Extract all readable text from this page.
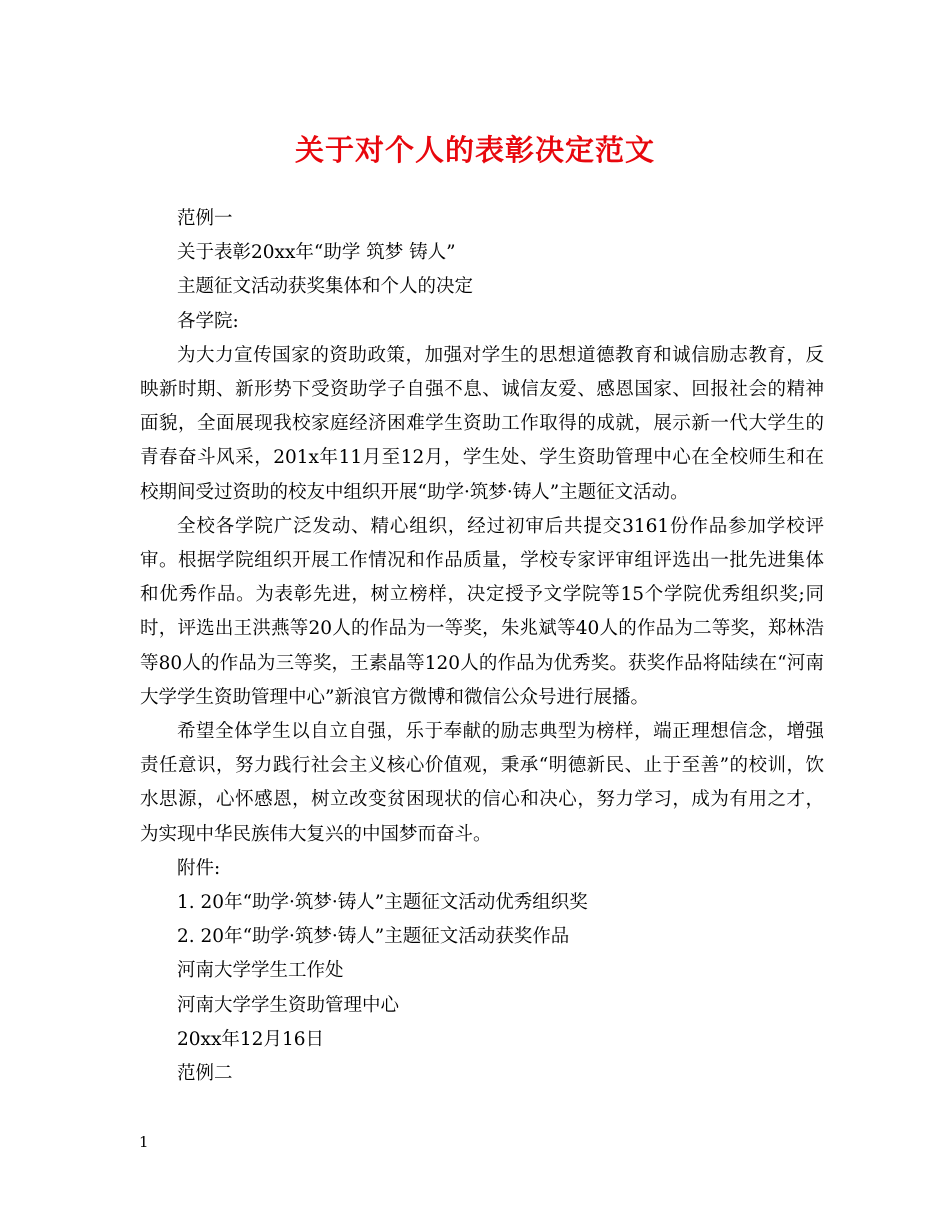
关于对个人的表彰决定范文

范例一

关于表彰20xx年“助学 筑梦 铸人”

主题征文活动获奖集体和个人的决定

各学院:

为大力宣传国家的资助政策，加强对学生的思想道德教育和诚信励志教育，反映新时期、新形势下受资助学子自强不息、诚信友爱、感恩国家、回报社会的精神面貌，全面展现我校家庭经济困难学生资助工作取得的成就，展示新一代大学生的青春奋斗风采，201x年11月至12月，学生处、学生资助管理中心在全校师生和在校期间受过资助的校友中组织开展“助学·筑梦·铸人”主题征文活动。

全校各学院广泛发动、精心组织，经过初审后共提交3161份作品参加学校评审。根据学院组织开展工作情况和作品质量，学校专家评审组评选出一批先进集体和优秀作品。为表彰先进，树立榜样，决定授予文学院等15个学院优秀组织奖;同时，评选出王洪燕等20人的作品为一等奖，朱兆斌等40人的作品为二等奖，郑林浩等80人的作品为三等奖，王素晶等120人的作品为优秀奖。获奖作品将陆续在“河南大学学生资助管理中心”新浪官方微博和微信公众号进行展播。

希望全体学生以自立自强，乐于奉献的励志典型为榜样，端正理想信念，增强责任意识，努力践行社会主义核心价值观，秉承“明德新民、止于至善”的校训，饮水思源，心怀感恩，树立改变贫困现状的信心和决心，努力学习，成为有用之才，为实现中华民族伟大复兴的中国梦而奋斗。

附件:

1. 20年“助学·筑梦·铸人”主题征文活动优秀组织奖

2. 20年“助学·筑梦·铸人”主题征文活动获奖作品

河南大学学生工作处

河南大学学生资助管理中心

20xx年12月16日

范例二

1
